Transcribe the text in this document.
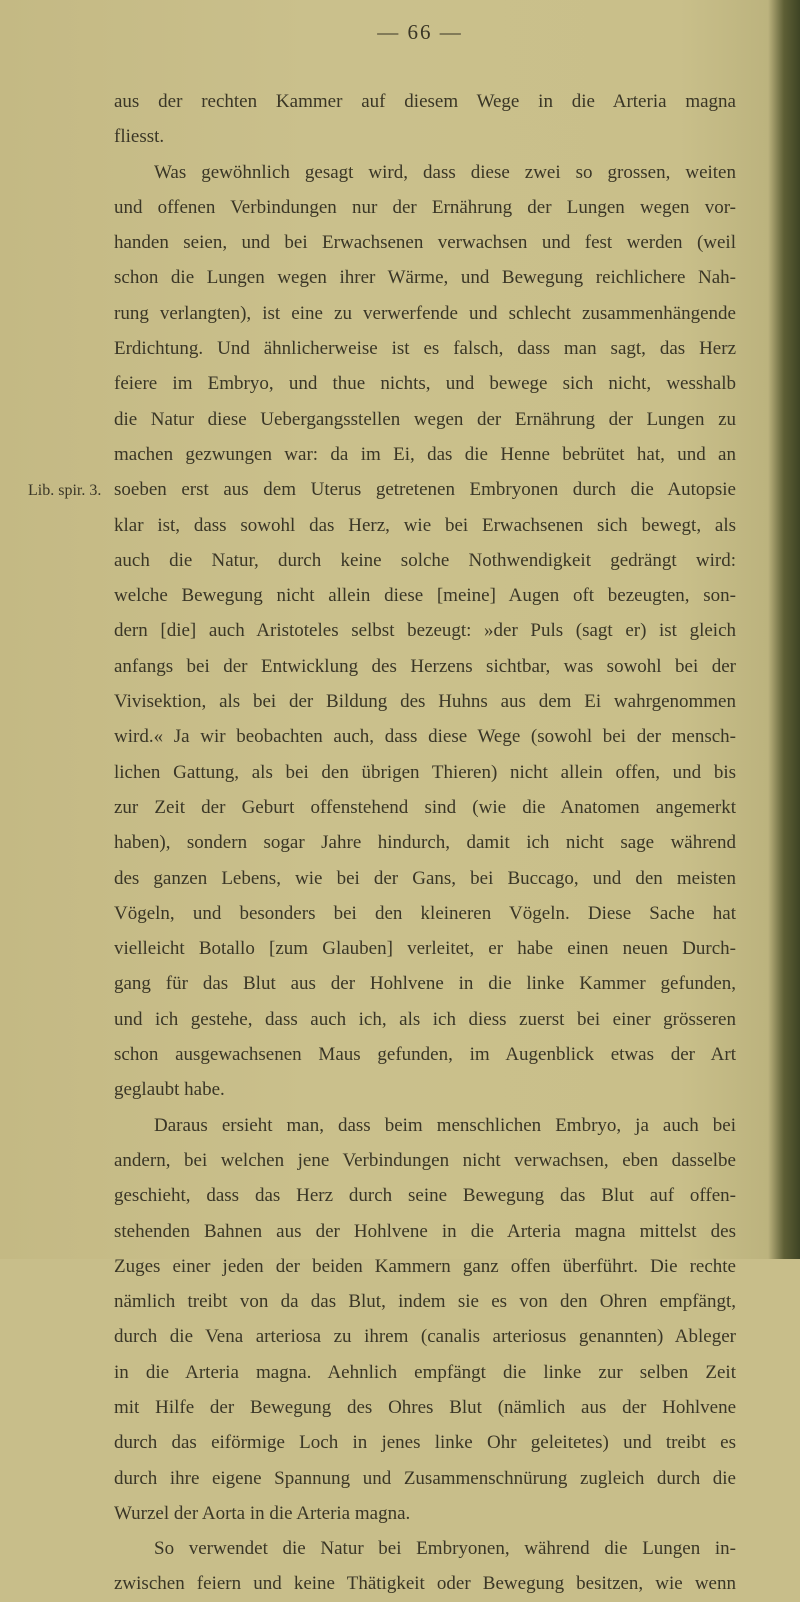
— 66 —
Lib. spir. 3.
aus der rechten Kammer auf diesem Wege in die Arteria magna
fliesst.
Was gewöhnlich gesagt wird, dass diese zwei so grossen, weiten
und offenen Verbindungen nur der Ernährung der Lungen wegen vor-
handen seien, und bei Erwachsenen verwachsen und fest werden (weil
schon die Lungen wegen ihrer Wärme, und Bewegung reichlichere Nah-
rung verlangten), ist eine zu verwerfende und schlecht zusammenhängende
Erdichtung. Und ähnlicherweise ist es falsch, dass man sagt, das Herz
feiere im Embryo, und thue nichts, und bewege sich nicht, wesshalb
die Natur diese Uebergangsstellen wegen der Ernährung der Lungen zu
machen gezwungen war: da im Ei, das die Henne bebrütet hat, und an
soeben erst aus dem Uterus getretenen Embryonen durch die Autopsie
klar ist, dass sowohl das Herz, wie bei Erwachsenen sich bewegt, als
auch die Natur, durch keine solche Nothwendigkeit gedrängt wird:
welche Bewegung nicht allein diese [meine] Augen oft bezeugten, son-
dern [die] auch Aristoteles selbst bezeugt: »der Puls (sagt er) ist gleich
anfangs bei der Entwicklung des Herzens sichtbar, was sowohl bei der
Vivisektion, als bei der Bildung des Huhns aus dem Ei wahrgenommen
wird.« Ja wir beobachten auch, dass diese Wege (sowohl bei der mensch-
lichen Gattung, als bei den übrigen Thieren) nicht allein offen, und bis
zur Zeit der Geburt offenstehend sind (wie die Anatomen angemerkt
haben), sondern sogar Jahre hindurch, damit ich nicht sage während
des ganzen Lebens, wie bei der Gans, bei Buccago, und den meisten
Vögeln, und besonders bei den kleineren Vögeln. Diese Sache hat
vielleicht Botallo [zum Glauben] verleitet, er habe einen neuen Durch-
gang für das Blut aus der Hohlvene in die linke Kammer gefunden,
und ich gestehe, dass auch ich, als ich diess zuerst bei einer grösseren
schon ausgewachsenen Maus gefunden, im Augenblick etwas der Art
geglaubt habe.
Daraus ersieht man, dass beim menschlichen Embryo, ja auch bei
andern, bei welchen jene Verbindungen nicht verwachsen, eben dasselbe
geschieht, dass das Herz durch seine Bewegung das Blut auf offen-
stehenden Bahnen aus der Hohlvene in die Arteria magna mittelst des
Zuges einer jeden der beiden Kammern ganz offen überführt. Die rechte
nämlich treibt von da das Blut, indem sie es von den Ohren empfängt,
durch die Vena arteriosa zu ihrem (canalis arteriosus genannten) Ableger
in die Arteria magna. Aehnlich empfängt die linke zur selben Zeit
mit Hilfe der Bewegung des Ohres Blut (nämlich aus der Hohlvene
durch das eiförmige Loch in jenes linke Ohr geleitetes) und treibt es
durch ihre eigene Spannung und Zusammenschnürung zugleich durch die
Wurzel der Aorta in die Arteria magna.
So verwendet die Natur bei Embryonen, während die Lungen in-
zwischen feiern und keine Thätigkeit oder Bewegung besitzen, wie wenn
